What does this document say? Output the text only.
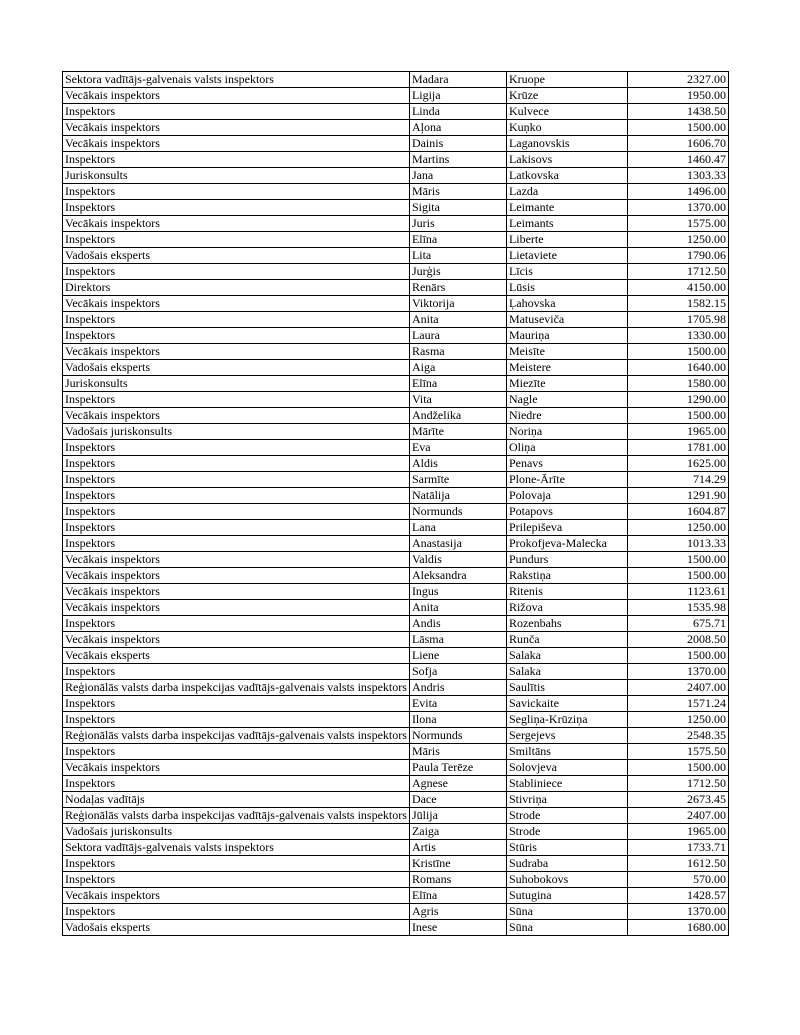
Sektora vadītājs-galvenais valsts inspektors	Madara	Kruope	2327.00
Vecākais inspektors	Ligija	Krūze	1950.00
Inspektors	Linda	Kulvece	1438.50
Vecākais inspektors	Aļona	Kuņko	1500.00
Vecākais inspektors	Dainis	Laganovskis	1606.70
Inspektors	Martins	Lakisovs	1460.47
Juriskonsults	Jana	Latkovska	1303.33
Inspektors	Māris	Lazda	1496.00
Inspektors	Sigita	Leimante	1370.00
Vecākais inspektors	Juris	Leimants	1575.00
Inspektors	Elīna	Liberte	1250.00
Vadošais eksperts	Lita	Lietaviete	1790.06
Inspektors	Jurģis	Līcis	1712.50
Direktors	Renārs	Lūsis	4150.00
Vecākais inspektors	Viktorija	Ļahovska	1582.15
Inspektors	Anita	Matuseviča	1705.98
Inspektors	Laura	Mauriņa	1330.00
Vecākais inspektors	Rasma	Meisīte	1500.00
Vadošais eksperts	Aiga	Meistere	1640.00
Juriskonsults	Elīna	Miezīte	1580.00
Inspektors	Vita	Nagle	1290.00
Vecākais inspektors	Andželika	Niedre	1500.00
Vadošais juriskonsults	Mārīte	Noriņa	1965.00
Inspektors	Eva	Oliņa	1781.00
Inspektors	Aldis	Penavs	1625.00
Inspektors	Sarmīte	Plone-Ārīte	714.29
Inspektors	Natālija	Polovaja	1291.90
Inspektors	Normunds	Potapovs	1604.87
Inspektors	Lana	Prilepiševa	1250.00
Inspektors	Anastasija	Prokofjeva-Malecka	1013.33
Vecākais inspektors	Valdis	Pundurs	1500.00
Vecākais inspektors	Aleksandra	Rakstiņa	1500.00
Vecākais inspektors	Ingus	Ritenis	1123.61
Vecākais inspektors	Anita	Rižova	1535.98
Inspektors	Andis	Rozenbahs	675.71
Vecākais inspektors	Lāsma	Runča	2008.50
Vecākais eksperts	Liene	Salaka	1500.00
Inspektors	Sofja	Salaka	1370.00
Reģionālās valsts darba inspekcijas vadītājs-galvenais valsts inspektors	Andris	Saulītis	2407.00
Inspektors	Evita	Savickaite	1571.24
Inspektors	Ilona	Segliņa-Krūziņa	1250.00
Reģionālās valsts darba inspekcijas vadītājs-galvenais valsts inspektors	Normunds	Sergejevs	2548.35
Inspektors	Māris	Smiltāns	1575.50
Vecākais inspektors	Paula Terēze	Solovjeva	1500.00
Inspektors	Agnese	Stabliniece	1712.50
Nodaļas vadītājs	Dace	Stivriņa	2673.45
Reģionālās valsts darba inspekcijas vadītājs-galvenais valsts inspektors	Jūlija	Strode	2407.00
Vadošais juriskonsults	Zaiga	Strode	1965.00
Sektora vadītājs-galvenais valsts inspektors	Artis	Stūris	1733.71
Inspektors	Kristīne	Sudraba	1612.50
Inspektors	Romans	Suhobokovs	570.00
Vecākais inspektors	Elīna	Sutugina	1428.57
Inspektors	Agris	Sūna	1370.00
Vadošais eksperts	Inese	Sūna	1680.00
